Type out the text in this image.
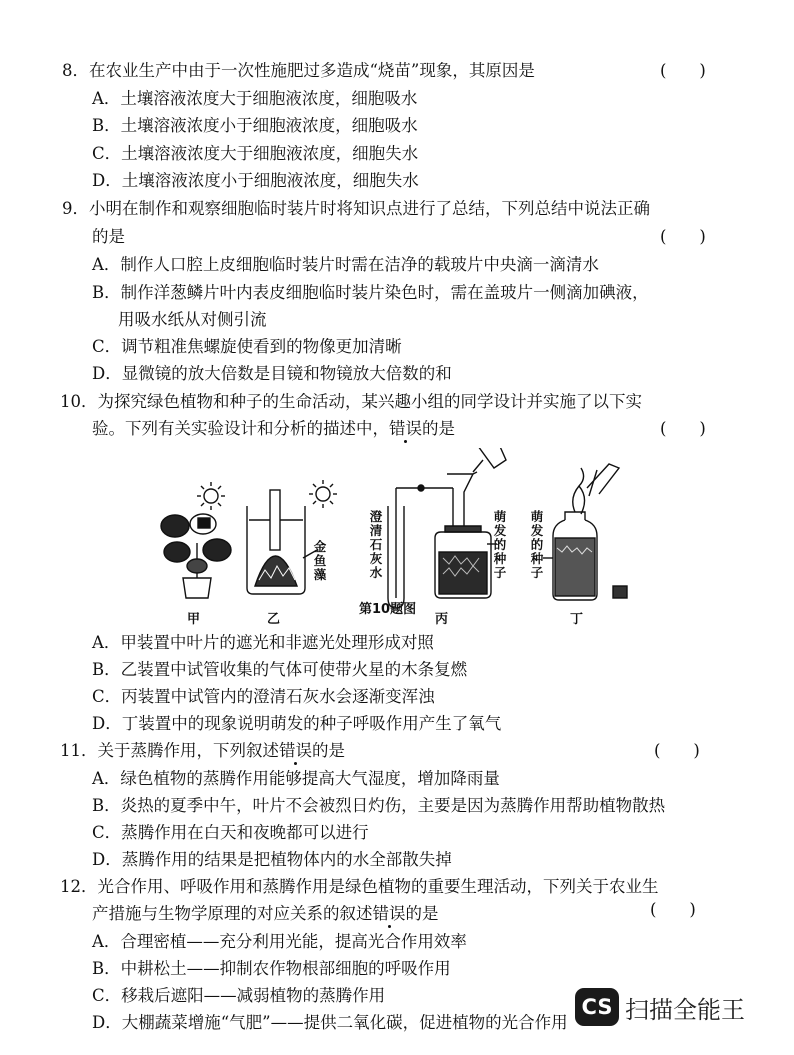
8．在农业生产中由于一次性施肥过多造成“烧苗”现象，其原因是	(　　)
A．土壤溶液浓度大于细胞液浓度，细胞吸水
B．土壤溶液浓度小于细胞液浓度，细胞吸水
C．土壤溶液浓度大于细胞液浓度，细胞失水
D．土壤溶液浓度小于细胞液浓度，细胞失水
9．小明在制作和观察细胞临时装片时将知识点进行了总结，下列总结中说法正确
的是	(　　)
A．制作人口腔上皮细胞临时装片时需在洁净的载玻片中央滴一滴清水
B．制作洋葱鳞片叶内表皮细胞临时装片染色时，需在盖玻片一侧滴加碘液，
用吸水纸从对侧引流
C．调节粗准焦螺旋使看到的物像更加清晰
D．显微镜的放大倍数是目镜和物镜放大倍数的和
10．为探究绿色植物和种子的生命活动，某兴趣小组的同学设计并实施了以下实
验。下列有关实验设计和分析的描述中，错误的是	(　　)
甲	乙	丙	丁
金鱼藻
澄清石灰水
萌发的种子
萌发的种子
第10题图
A．甲装置中叶片的遮光和非遮光处理形成对照
B．乙装置中试管收集的气体可使带火星的木条复燃
C．丙装置中试管内的澄清石灰水会逐渐变浑浊
D．丁装置中的现象说明萌发的种子呼吸作用产生了氧气
11．关于蒸腾作用，下列叙述错误的是	(　　)
A．绿色植物的蒸腾作用能够提高大气湿度，增加降雨量
B．炎热的夏季中午，叶片不会被烈日灼伤，主要是因为蒸腾作用帮助植物散热
C．蒸腾作用在白天和夜晚都可以进行
D．蒸腾作用的结果是把植物体内的水全部散失掉
12．光合作用、呼吸作用和蒸腾作用是绿色植物的重要生理活动，下列关于农业生
产措施与生物学原理的对应关系的叙述错误的是	(　　)
A．合理密植——充分利用光能，提高光合作用效率
B．中耕松土——抑制农作物根部细胞的呼吸作用
C．移栽后遮阳——减弱植物的蒸腾作用
D．大棚蔬菜增施“气肥”——提供二氧化碳，促进植物的光合作用
CS 扫描全能王
